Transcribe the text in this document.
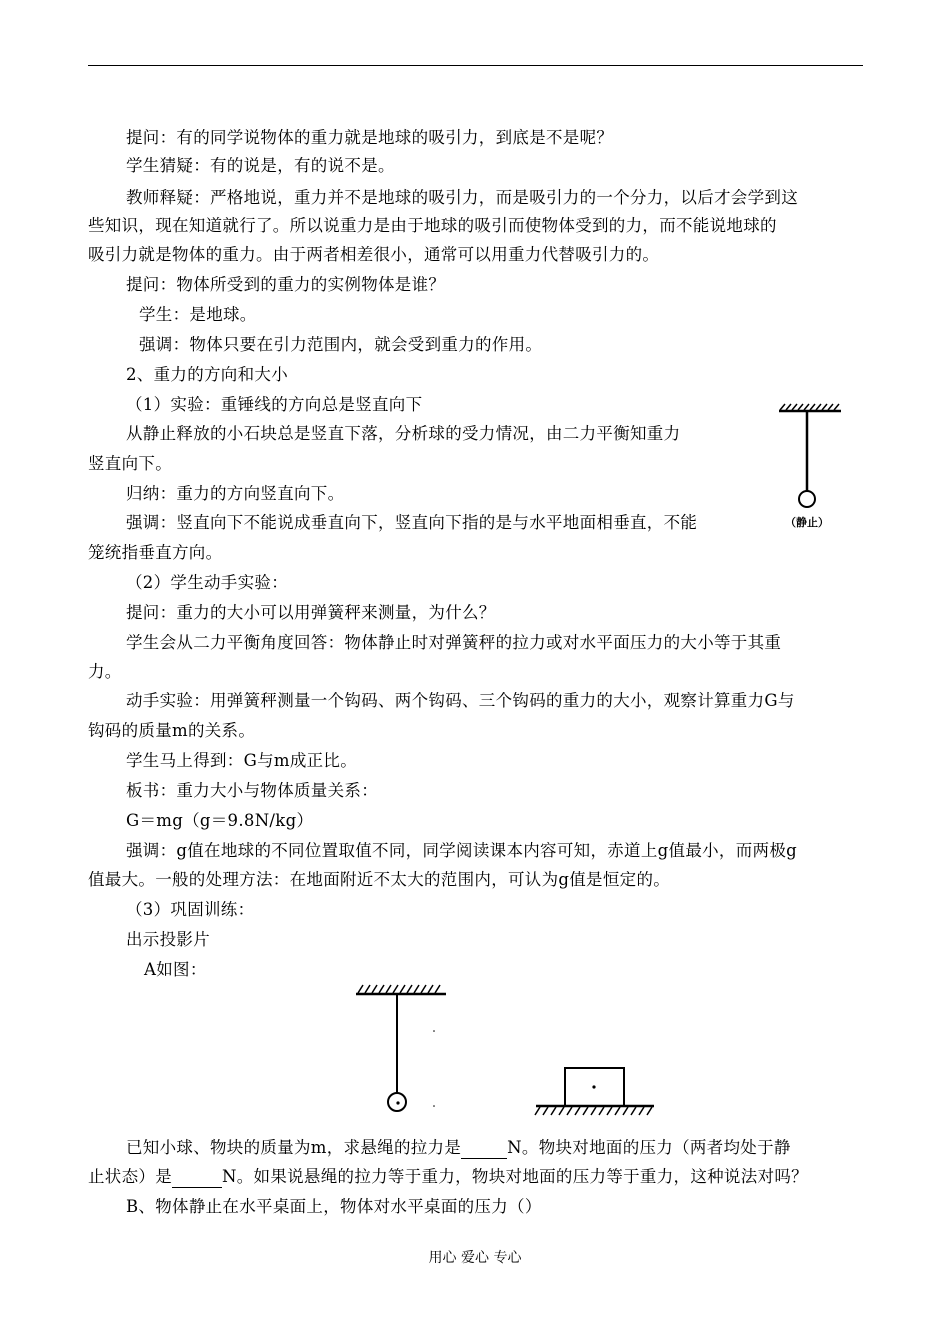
提问：有的同学说物体的重力就是地球的吸引力，到底是不是呢？
学生猜疑：有的说是，有的说不是。
教师释疑：严格地说，重力并不是地球的吸引力，而是吸引力的一个分力，以后才会学到这
些知识，现在知道就行了。所以说重力是由于地球的吸引而使物体受到的力，而不能说地球的
吸引力就是物体的重力。由于两者相差很小，通常可以用重力代替吸引力的。
提问：物体所受到的重力的实例物体是谁？
学生：是地球。
强调：物体只要在引力范围内，就会受到重力的作用。
2、重力的方向和大小
（1）实验：重锤线的方向总是竖直向下
从静止释放的小石块总是竖直下落，分析球的受力情况，由二力平衡知重力
竖直向下。
归纳：重力的方向竖直向下。
强调：竖直向下不能说成垂直向下，竖直向下指的是与水平地面相垂直，不能
笼统指垂直方向。
（2）学生动手实验：
提问：重力的大小可以用弹簧秤来测量，为什么？
学生会从二力平衡角度回答：物体静止时对弹簧秤的拉力或对水平面压力的大小等于其重
力。
动手实验：用弹簧秤测量一个钩码、两个钩码、三个钩码的重力的大小，观察计算重力G与
钩码的质量m的关系。
学生马上得到：G与m成正比。
板书：重力大小与物体质量关系：
G＝mg（g＝9.8N/kg）
强调：g值在地球的不同位置取值不同，同学阅读课本内容可知，赤道上g值最小，而两极g
值最大。一般的处理方法：在地面附近不太大的范围内，可认为g值是恒定的。
（3）巩固训练：
出示投影片
A如图：
已知小球、物块的质量为m，求悬绳的拉力是	N。物块对地面的压力（两者均处于静
止状态）是	N。如果说悬绳的拉力等于重力，物块对地面的压力等于重力，这种说法对吗？
B、物体静止在水平桌面上，物体对水平桌面的压力（）
（静止）
用心 爱心 专心
